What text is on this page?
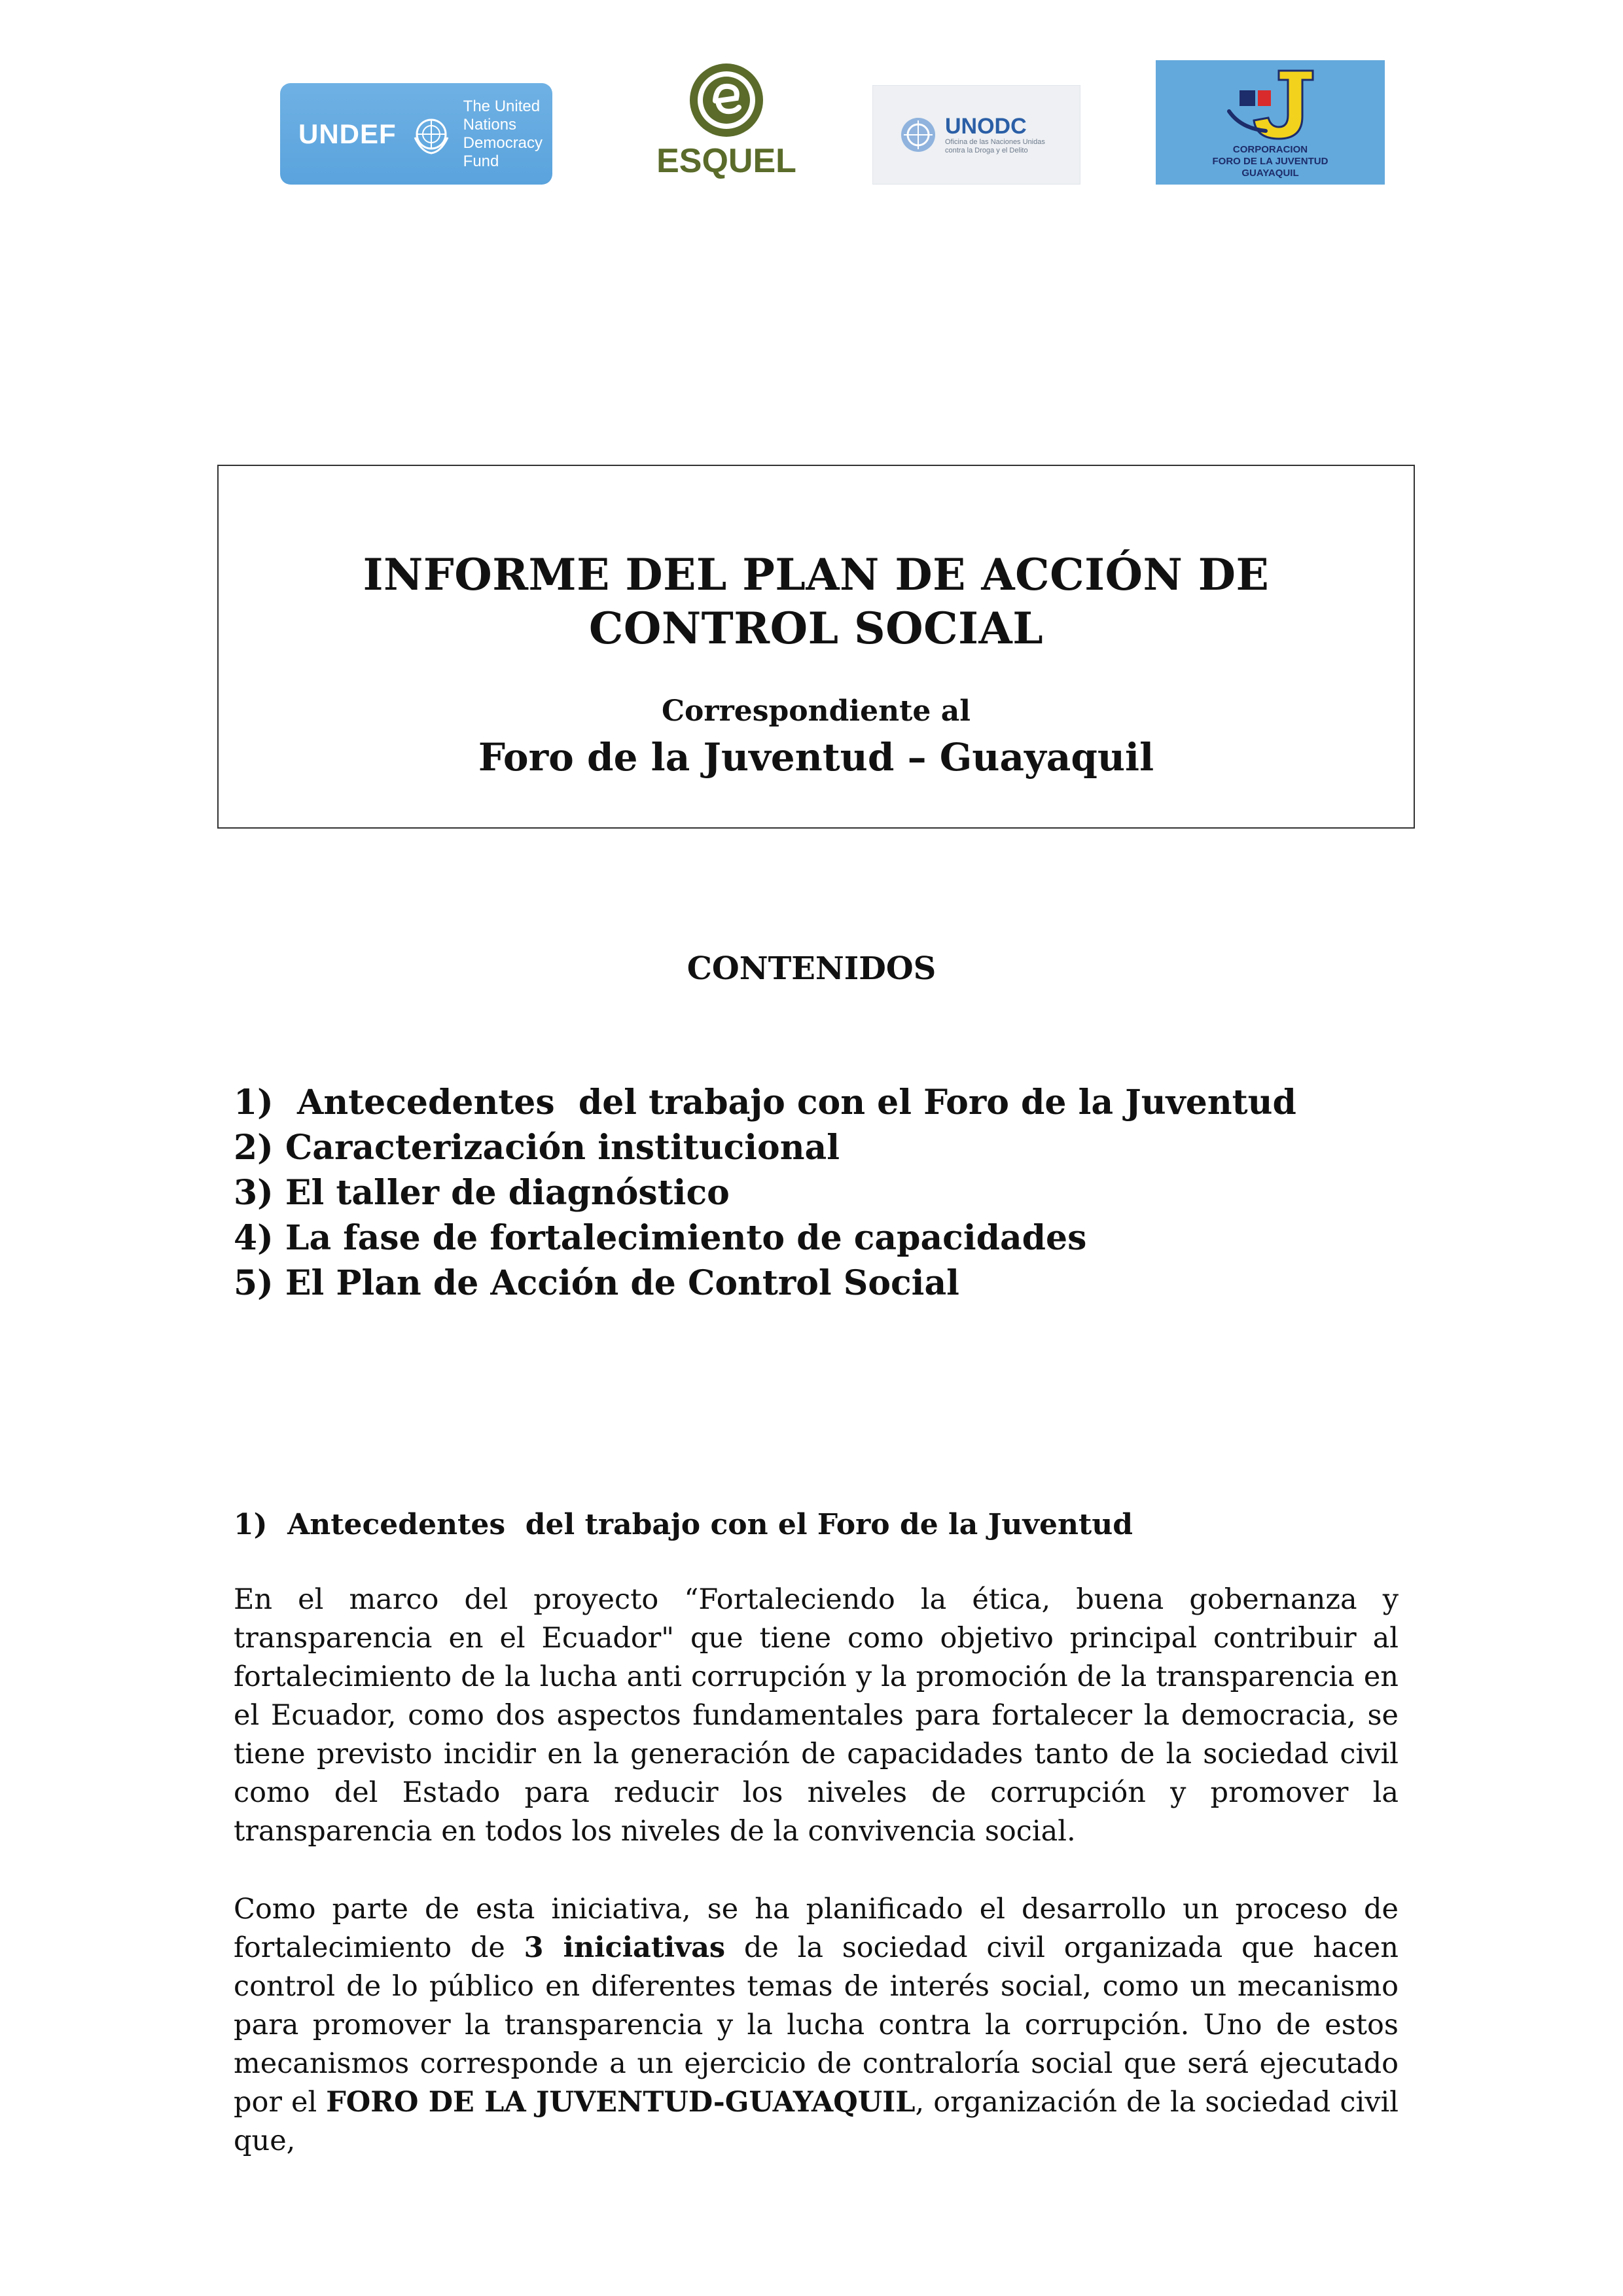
UNDEF
The United Nations
Democracy Fund	ESQUEL
UNODC
Oficina de las Naciones Unidas contra la Droga y el Delito	CORPORACION
FORO DE LA JUVENTUD
GUAYAQUIL
INFORME DEL PLAN DE ACCIÓN DE
CONTROL SOCIAL
Correspondiente al
Foro de la Juventud – Guayaquil
CONTENIDOS
1)  Antecedentes  del trabajo con el Foro de la Juventud
2) Caracterización institucional
3) El taller de diagnóstico
4) La fase de fortalecimiento de capacidades
5) El Plan de Acción de Control Social
1)  Antecedentes  del trabajo con el Foro de la Juventud

En el marco del proyecto “Fortaleciendo la ética, buena gobernanza y transparencia en el Ecuador" que tiene como objetivo principal contribuir al fortalecimiento de la lucha anti corrupción y la promoción de la transparencia en el Ecuador, como dos aspectos fundamentales para fortalecer la democracia, se tiene previsto incidir en la generación de capacidades tanto de la sociedad civil como del Estado para reducir los niveles de corrupción y promover la transparencia en todos los niveles de la convivencia social.

Como parte de esta iniciativa, se ha planificado el desarrollo un proceso de fortalecimiento de 3 iniciativas de la sociedad civil organizada que hacen control de lo público en diferentes temas de interés social, como un mecanismo para promover la transparencia y la lucha contra la corrupción. Uno de estos mecanismos corresponde a un ejercicio de contraloría social que será ejecutado por el FORO DE LA JUVENTUD-GUAYAQUIL, organización de la sociedad civil que,
